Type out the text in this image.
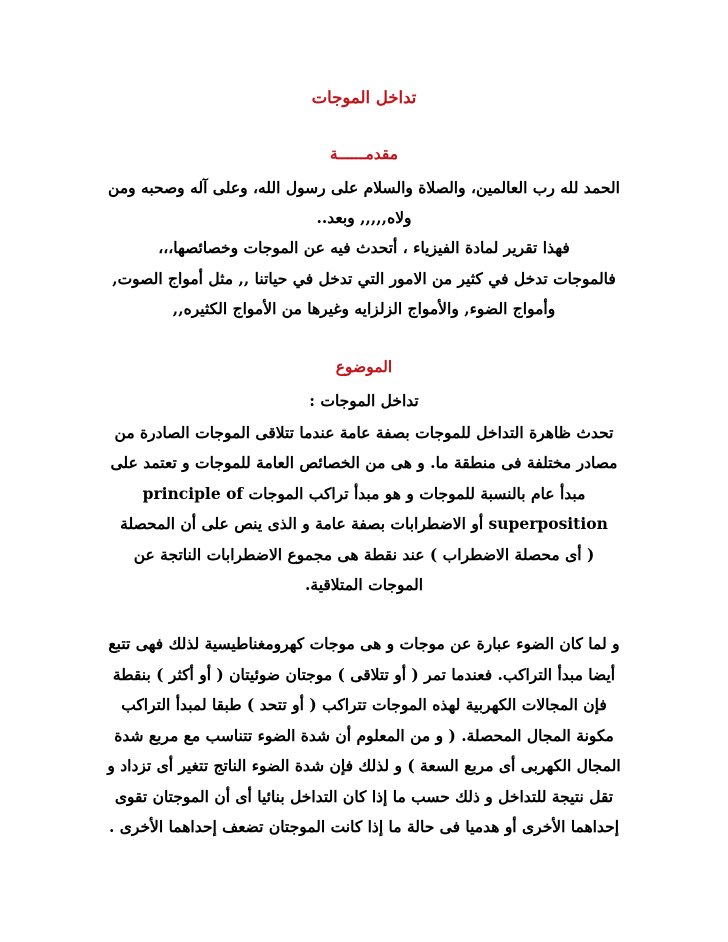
تداخل الموجات
مقدمــــــة
الحمد لله رب العالمين، والصلاة والسلام على رسول الله، وعلى آله وصحبه ومن
ولاه,,,,, وبعد..
فهذا تقرير لمادة الفيزياء ، أتحدث فيه عن الموجات وخصائصها،،،
فالموجات تدخل في كثير من الامور التي تدخل في حياتنا ,, مثل أمواج الصوت,
وأمواج الضوء, والأمواج الزلزايه وغيرها من الأمواج الكثيره,,
الموضوع
تداخل الموجات :
تحدث ظاهرة التداخل للموجات بصفة عامة عندما تتلاقى الموجات الصادرة من
مصادر مختلفة فى منطقة ما. و هى من الخصائص العامة للموجات و تعتمد على
مبدأ عام بالنسبة للموجات و هو مبدأ تراكب الموجات principle of
superposition أو الاضطرابات بصفة عامة و الذى ينص على أن المحصلة
( أى محصلة الاضطراب ) عند نقطة هى مجموع الاضطرابات الناتجة عن
الموجات المتلاقية.
و لما كان الضوء عبارة عن موجات و هى موجات كهرومغناطيسية لذلك فهى تتبع
أيضا مبدأ التراكب. فعندما تمر ( أو تتلاقى ) موجتان ضوئيتان ( أو أكثر ) بنقطة
فإن المجالات الكهربية لهذه الموجات تتراكب ( أو تتحد ) طبقا لمبدأ التراكب
مكونة المجال المحصلة. ( و من المعلوم أن شدة الضوء تتناسب مع مربع شدة
المجال الكهربى أى مربع السعة ) و لذلك فإن شدة الضوء الناتج تتغير أى تزداد و
تقل نتيجة للتداخل و ذلك حسب ما إذا كان التداخل بنائيا أى أن الموجتان تقوى
إحداهما الأخرى أو هدميا فى حالة ما إذا كانت الموجتان تضعف إحداهما الأخرى .
